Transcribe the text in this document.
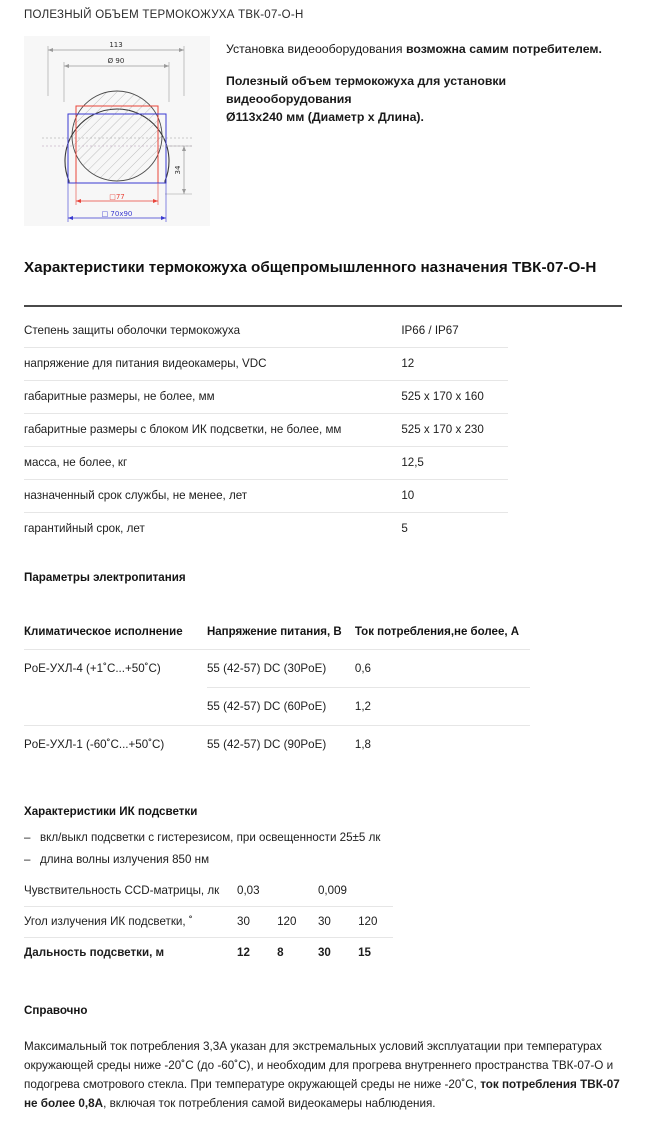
ПОЛЕЗНЫЙ ОБЪЕМ ТЕРМОКОЖУХА ТВК-07-О-Н
113
Ø 90
34
□77
□ 70x90

Установка видеооборудования возможна самим потребителем.

Полезный объем термокожуха для установки
видеооборудования
Ø113x240 мм (Диаметр х Длина).

Характеристики термокожуха общепромышленного назначения ТВК-07-О-Н
Степень защиты оболочки термокожуха	IP66 / IP67
напряжение для питания видеокамеры, VDC	12
габаритные размеры, не более, мм	525 x 170 x 160
габаритные размеры с блоком ИК подсветки, не более, мм	525 x 170 x 230
масса, не более, кг	12,5
назначенный срок службы, не менее, лет	10
гарантийный срок, лет	5
Параметры электропитания
Климатическое исполнение	Напряжение питания, В	Ток потребления,не более, А
PoE-УХЛ-4 (+1˚С...+50˚С)	55 (42-57) DC (30PoE)	0,6
	55 (42-57) DC (60PoE)	1,2
PoE-УХЛ-1 (-60˚С...+50˚С)	55 (42-57) DC (90PoE)	1,8
Характеристики ИК подсветки
– вкл/выкл подсветки с гистерезисом, при освещенности 25±5 лк
– длина волны излучения 850 нм
Чувствительность CCD-матрицы, лк	0,03		0,009	
Угол излучения ИК подсветки, ˚	30	120	30	120
Дальность подсветки, м	12	8	30	15
Справочно
Максимальный ток потребления 3,3А указан для экстремальных условий эксплуатации при температурах окружающей среды ниже -20˚С (до -60˚С), и необходим для прогрева внутреннего пространства ТВК-07-О и подогрева смотрового стекла. При температуре окружающей среды не ниже -20˚С, ток потребления ТВК-07 не более 0,8А, включая ток потребления самой видеокамеры наблюдения.
